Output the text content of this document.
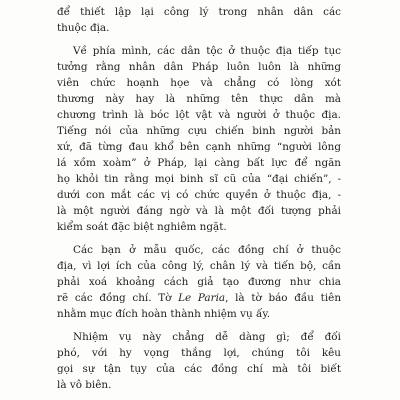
để thiết lập lại công lý trong nhân dân các
thuộc địa.

Về phía mình, các dân tộc ở thuộc địa tiếp tục
tưởng rằng nhân dân Pháp luôn luôn là những
viên chức hoạnh họe và chẳng có lòng xót
thương này hay là những tên thực dân mà
chương trình là bóc lột vật và người ở thuộc địa.
Tiếng nói của những cựu chiến binh người bản
xứ, đã từng đau khổ bên cạnh những “người lông
lá xồm xoàm” ở Pháp, lại càng bất lực để ngăn
họ khỏi tin rằng mọi binh sĩ cũ của “đại chiến”, -
dưới con mắt các vị có chức quyền ở thuộc địa, -
là một người đáng ngờ và là một đối tượng phải
kiểm soát đặc biệt nghiêm ngặt.

Các bạn ở mẫu quốc, các đồng chí ở thuộc
địa, vì lợi ích của công lý, chân lý và tiến bộ, cần
phải xoá khoảng cách giả tạo đương như chia
rẽ các đồng chí. Tờ Le Paria, là tờ báo đầu tiên
nhằm mục đích hoàn thành nhiệm vụ ấy.

Nhiệm vụ này chẳng dễ dàng gì; để đối
phó, với hy vọng thắng lợi, chúng tôi kêu
gọi sự tận tụy của các đồng chí mà tôi biết
là vô biên.
